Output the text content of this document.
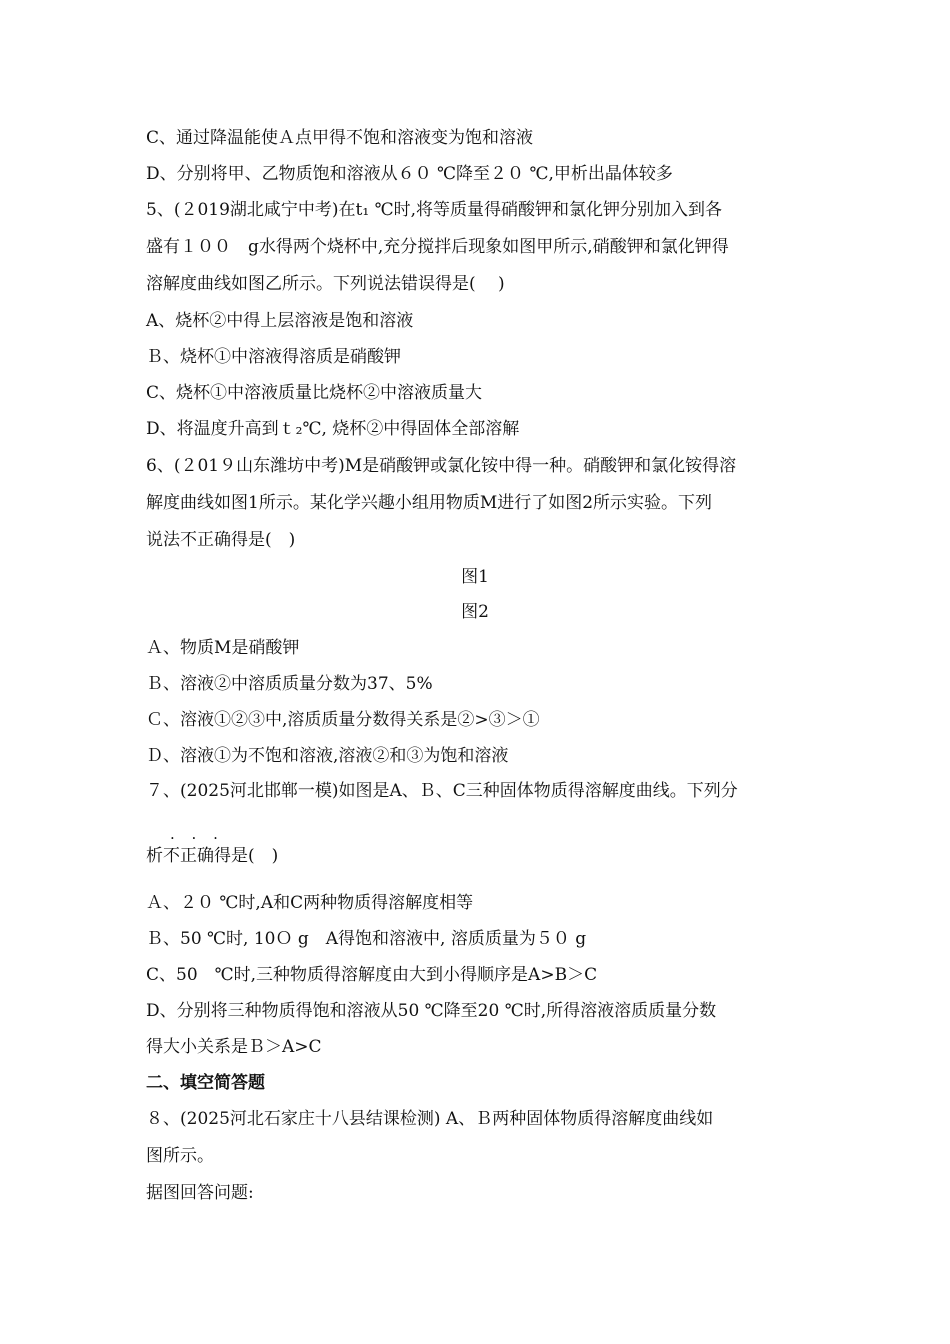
C、通过降温能使Ａ点甲得不饱和溶液变为饱和溶液
D、分别将甲、乙物质饱和溶液从６０ ℃降至２０ ℃,甲析出晶体较多
5、(２019湖北咸宁中考)在t₁ ℃时,将等质量得硝酸钾和氯化钾分别加入到各
盛有１００　g水得两个烧杯中,充分搅拌后现象如图甲所示,硝酸钾和氯化钾得
溶解度曲线如图乙所示。下列说法错误得是(　 )
A、烧杯②中得上层溶液是饱和溶液
Ｂ、烧杯①中溶液得溶质是硝酸钾
C、烧杯①中溶液质量比烧杯②中溶液质量大
D、将温度升高到ｔ₂℃, 烧杯②中得固体全部溶解
6、(２01９山东潍坊中考)M是硝酸钾或氯化铵中得一种。硝酸钾和氯化铵得溶
解度曲线如图1所示。某化学兴趣小组用物质M进行了如图2所示实验。下列
说法不正确得是(　)
图1
图2
Ａ、物质M是硝酸钾
Ｂ、溶液②中溶质质量分数为37、5%
Ｃ、溶液①②③中,溶质质量分数得关系是②>③＞①
Ｄ、溶液①为不饱和溶液,溶液②和③为饱和溶液
７、(2025河北邯郸一模)如图是A、Ｂ、C三种固体物质得溶解度曲线。下列分
. . .
析不正确得是(　)
Ａ、２０ ℃时,A和C两种物质得溶解度相等
Ｂ、50 ℃时, 10Ｏ g　A得饱和溶液中, 溶质质量为５０ g
C、50　℃时,三种物质得溶解度由大到小得顺序是A>B＞C
D、分别将三种物质得饱和溶液从50 ℃降至20 ℃时,所得溶液溶质质量分数
得大小关系是Ｂ＞A>C
二、填空简答题
８、(2025河北石家庄十八县结课检测) A、Ｂ两种固体物质得溶解度曲线如
图所示。
据图回答问题:
